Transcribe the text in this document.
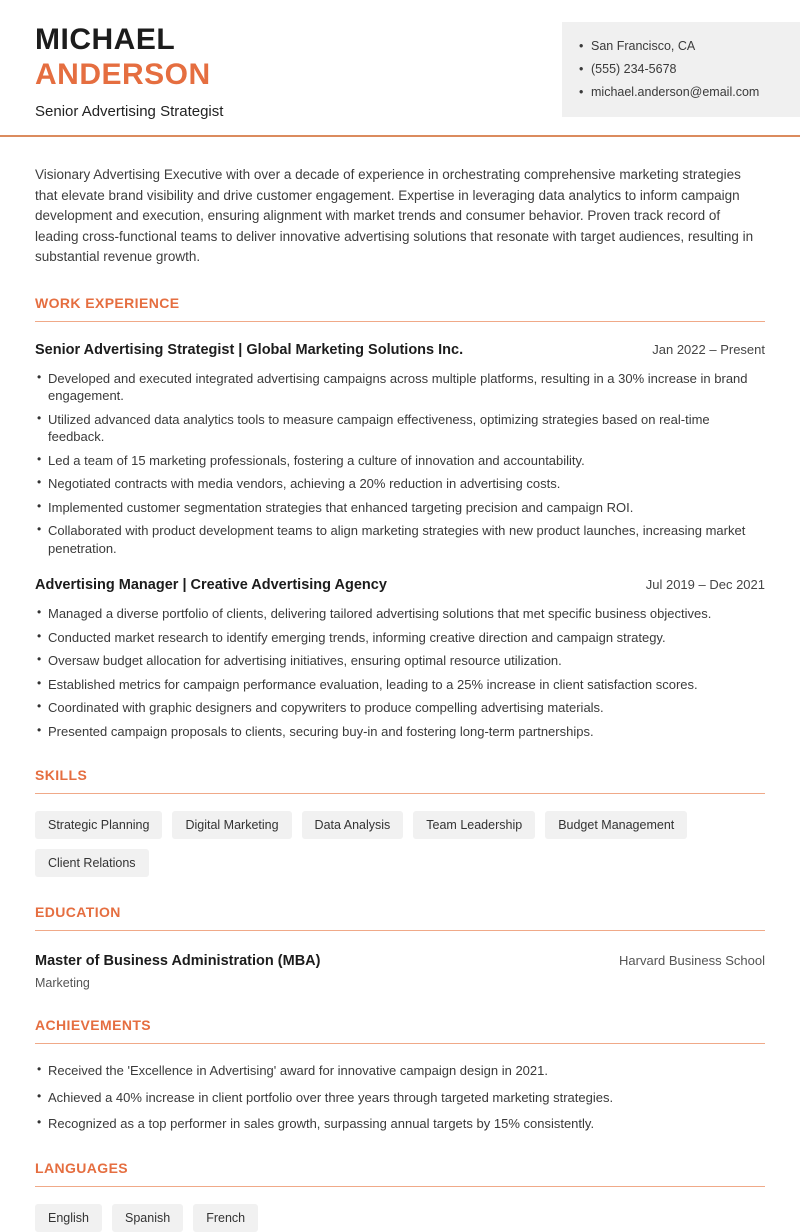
MICHAEL
ANDERSON
Senior Advertising Strategist
• San Francisco, CA
• (555) 234-5678
• michael.anderson@email.com

Visionary Advertising Executive with over a decade of experience in orchestrating comprehensive marketing strategies that elevate brand visibility and drive customer engagement. Expertise in leveraging data analytics to inform campaign development and execution, ensuring alignment with market trends and consumer behavior. Proven track record of leading cross-functional teams to deliver innovative advertising solutions that resonate with target audiences, resulting in substantial revenue growth.

WORK EXPERIENCE
Senior Advertising Strategist | Global Marketing Solutions Inc.	Jan 2022 – Present
• Developed and executed integrated advertising campaigns across multiple platforms, resulting in a 30% increase in brand engagement.
• Utilized advanced data analytics tools to measure campaign effectiveness, optimizing strategies based on real-time feedback.
• Led a team of 15 marketing professionals, fostering a culture of innovation and accountability.
• Negotiated contracts with media vendors, achieving a 20% reduction in advertising costs.
• Implemented customer segmentation strategies that enhanced targeting precision and campaign ROI.
• Collaborated with product development teams to align marketing strategies with new product launches, increasing market penetration.
Advertising Manager | Creative Advertising Agency	Jul 2019 – Dec 2021
• Managed a diverse portfolio of clients, delivering tailored advertising solutions that met specific business objectives.
• Conducted market research to identify emerging trends, informing creative direction and campaign strategy.
• Oversaw budget allocation for advertising initiatives, ensuring optimal resource utilization.
• Established metrics for campaign performance evaluation, leading to a 25% increase in client satisfaction scores.
• Coordinated with graphic designers and copywriters to produce compelling advertising materials.
• Presented campaign proposals to clients, securing buy-in and fostering long-term partnerships.
SKILLS
Strategic Planning	Digital Marketing	Data Analysis	Team Leadership	Budget Management
Client Relations
EDUCATION
Master of Business Administration (MBA)	Harvard Business School
Marketing
ACHIEVEMENTS
• Received the 'Excellence in Advertising' award for innovative campaign design in 2021.
• Achieved a 40% increase in client portfolio over three years through targeted marketing strategies.
• Recognized as a top performer in sales growth, surpassing annual targets by 15% consistently.
LANGUAGES
English	Spanish	French
